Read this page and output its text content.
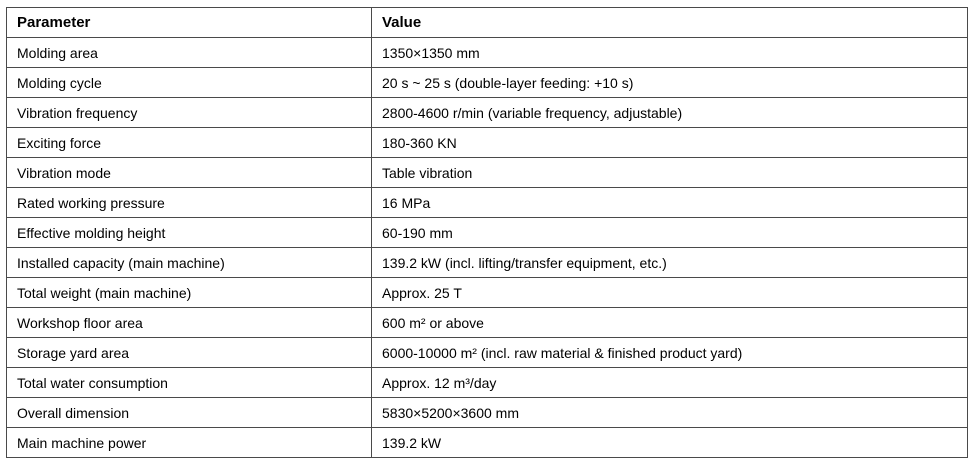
Parameter	Value
Molding area	1350×1350 mm
Molding cycle	20 s ~ 25 s (double-layer feeding: +10 s)
Vibration frequency	2800-4600 r/min (variable frequency, adjustable)
Exciting force	180-360 KN
Vibration mode	Table vibration
Rated working pressure	16 MPa
Effective molding height	60-190 mm
Installed capacity (main machine)	139.2 kW (incl. lifting/transfer equipment, etc.)
Total weight (main machine)	Approx. 25 T
Workshop floor area	600 m² or above
Storage yard area	6000-10000 m² (incl. raw material & finished product yard)
Total water consumption	Approx. 12 m³/day
Overall dimension	5830×5200×3600 mm
Main machine power	139.2 kW
